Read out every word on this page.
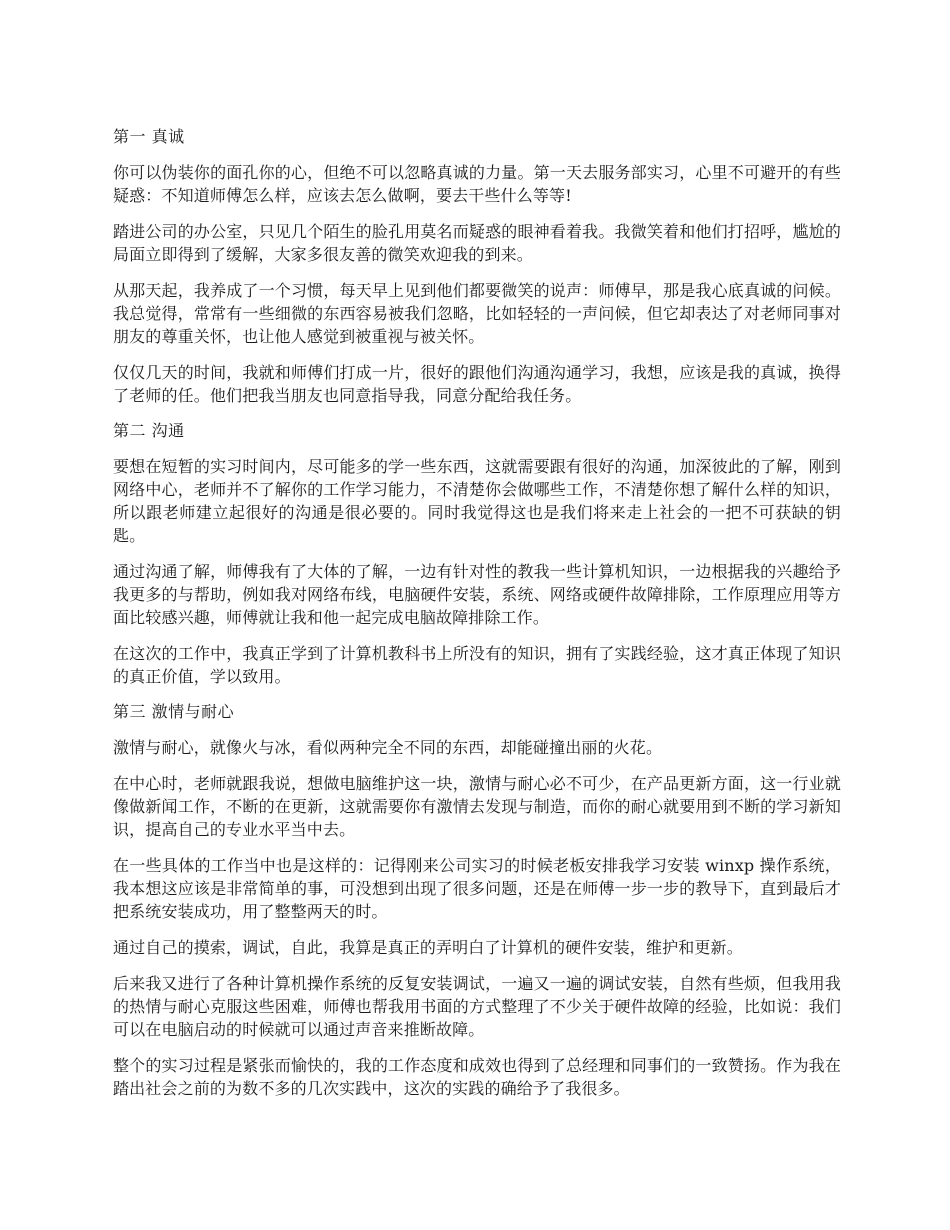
第一 真诚

你可以伪装你的面孔你的心，但绝不可以忽略真诚的力量。第一天去服务部实习，心里不可避开的有些疑惑：不知道师傅怎么样，应该去怎么做啊，要去干些什么等等!

踏进公司的办公室，只见几个陌生的脸孔用莫名而疑惑的眼神看着我。我微笑着和他们打招呼，尴尬的局面立即得到了缓解，大家多很友善的微笑欢迎我的到来。

从那天起，我养成了一个习惯，每天早上见到他们都要微笑的说声：师傅早，那是我心底真诚的问候。我总觉得，常常有一些细微的东西容易被我们忽略，比如轻轻的一声问候，但它却表达了对老师同事对朋友的尊重关怀，也让他人感觉到被重视与被关怀。

仅仅几天的时间，我就和师傅们打成一片，很好的跟他们沟通沟通学习，我想，应该是我的真诚，换得了老师的任。他们把我当朋友也同意指导我，同意分配给我任务。

第二 沟通

要想在短暂的实习时间内，尽可能多的学一些东西，这就需要跟有很好的沟通，加深彼此的了解，刚到网络中心，老师并不了解你的工作学习能力，不清楚你会做哪些工作，不清楚你想了解什么样的知识，所以跟老师建立起很好的沟通是很必要的。同时我觉得这也是我们将来走上社会的一把不可获缺的钥匙。

通过沟通了解，师傅我有了大体的了解，一边有针对性的教我一些计算机知识，一边根据我的兴趣给予我更多的与帮助，例如我对网络布线，电脑硬件安装，系统、网络或硬件故障排除，工作原理应用等方面比较感兴趣，师傅就让我和他一起完成电脑故障排除工作。

在这次的工作中，我真正学到了计算机教科书上所没有的知识，拥有了实践经验，这才真正体现了知识的真正价值，学以致用。

第三 激情与耐心

激情与耐心，就像火与冰，看似两种完全不同的东西，却能碰撞出丽的火花。

在中心时，老师就跟我说，想做电脑维护这一块，激情与耐心必不可少，在产品更新方面，这一行业就像做新闻工作，不断的在更新，这就需要你有激情去发现与制造，而你的耐心就要用到不断的学习新知识，提高自己的专业水平当中去。

在一些具体的工作当中也是这样的：记得刚来公司实习的时候老板安排我学习安装 winxp 操作系统，我本想这应该是非常简单的事，可没想到出现了很多问题，还是在师傅一步一步的教导下，直到最后才把系统安装成功，用了整整两天的时。

通过自己的摸索，调试，自此，我算是真正的弄明白了计算机的硬件安装，维护和更新。

后来我又进行了各种计算机操作系统的反复安装调试，一遍又一遍的调试安装，自然有些烦，但我用我的热情与耐心克服这些困难，师傅也帮我用书面的方式整理了不少关于硬件故障的经验，比如说：我们可以在电脑启动的时候就可以通过声音来推断故障。

整个的实习过程是紧张而愉快的，我的工作态度和成效也得到了总经理和同事们的一致赞扬。作为我在踏出社会之前的为数不多的几次实践中，这次的实践的确给予了我很多。
